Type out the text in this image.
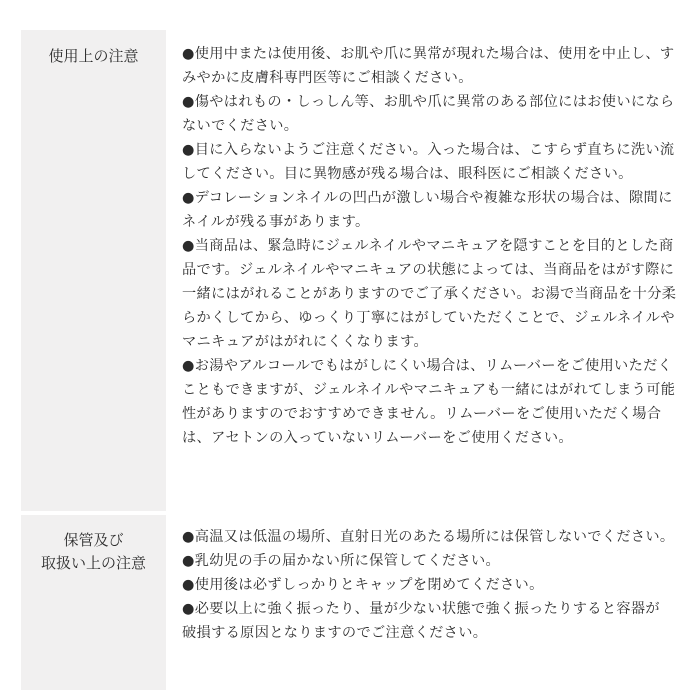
使用上の注意	●使用中または使用後、お肌や爪に異常が現れた場合は、使用を中止し、すみやかに皮膚科専門医等にご相談ください。

●傷やはれもの・しっしん等、お肌や爪に異常のある部位にはお使いにならないでください。

●目に入らないようご注意ください。入った場合は、こすらず直ちに洗い流してください。目に異物感が残る場合は、眼科医にご相談ください。

●デコレーションネイルの凹凸が激しい場合や複雑な形状の場合は、隙間にネイルが残る事があります。

●当商品は、緊急時にジェルネイルやマニキュアを隠すことを目的とした商品です。ジェルネイルやマニキュアの状態によっては、当商品をはがす際に一緒にはがれることがありますのでご了承ください。お湯で当商品を十分柔らかくしてから、ゆっくり丁寧にはがしていただくことで、ジェルネイルやマニキュアがはがれにくくなります。

●お湯やアルコールでもはがしにくい場合は、リムーバーをご使用いただくこともできますが、ジェルネイルやマニキュアも一緒にはがれてしまう可能性がありますのでおすすめできません。リムーバーをご使用いただく場合は、アセトンの入っていないリムーバーをご使用ください。

保管及び
取扱い上の注意

●高温又は低温の場所、直射日光のあたる場所には保管しないでください。

●乳幼児の手の届かない所に保管してください。

●使用後は必ずしっかりとキャップを閉めてください。

●必要以上に強く振ったり、量が少ない状態で強く振ったりすると容器が 破損する原因となりますのでご注意ください。
